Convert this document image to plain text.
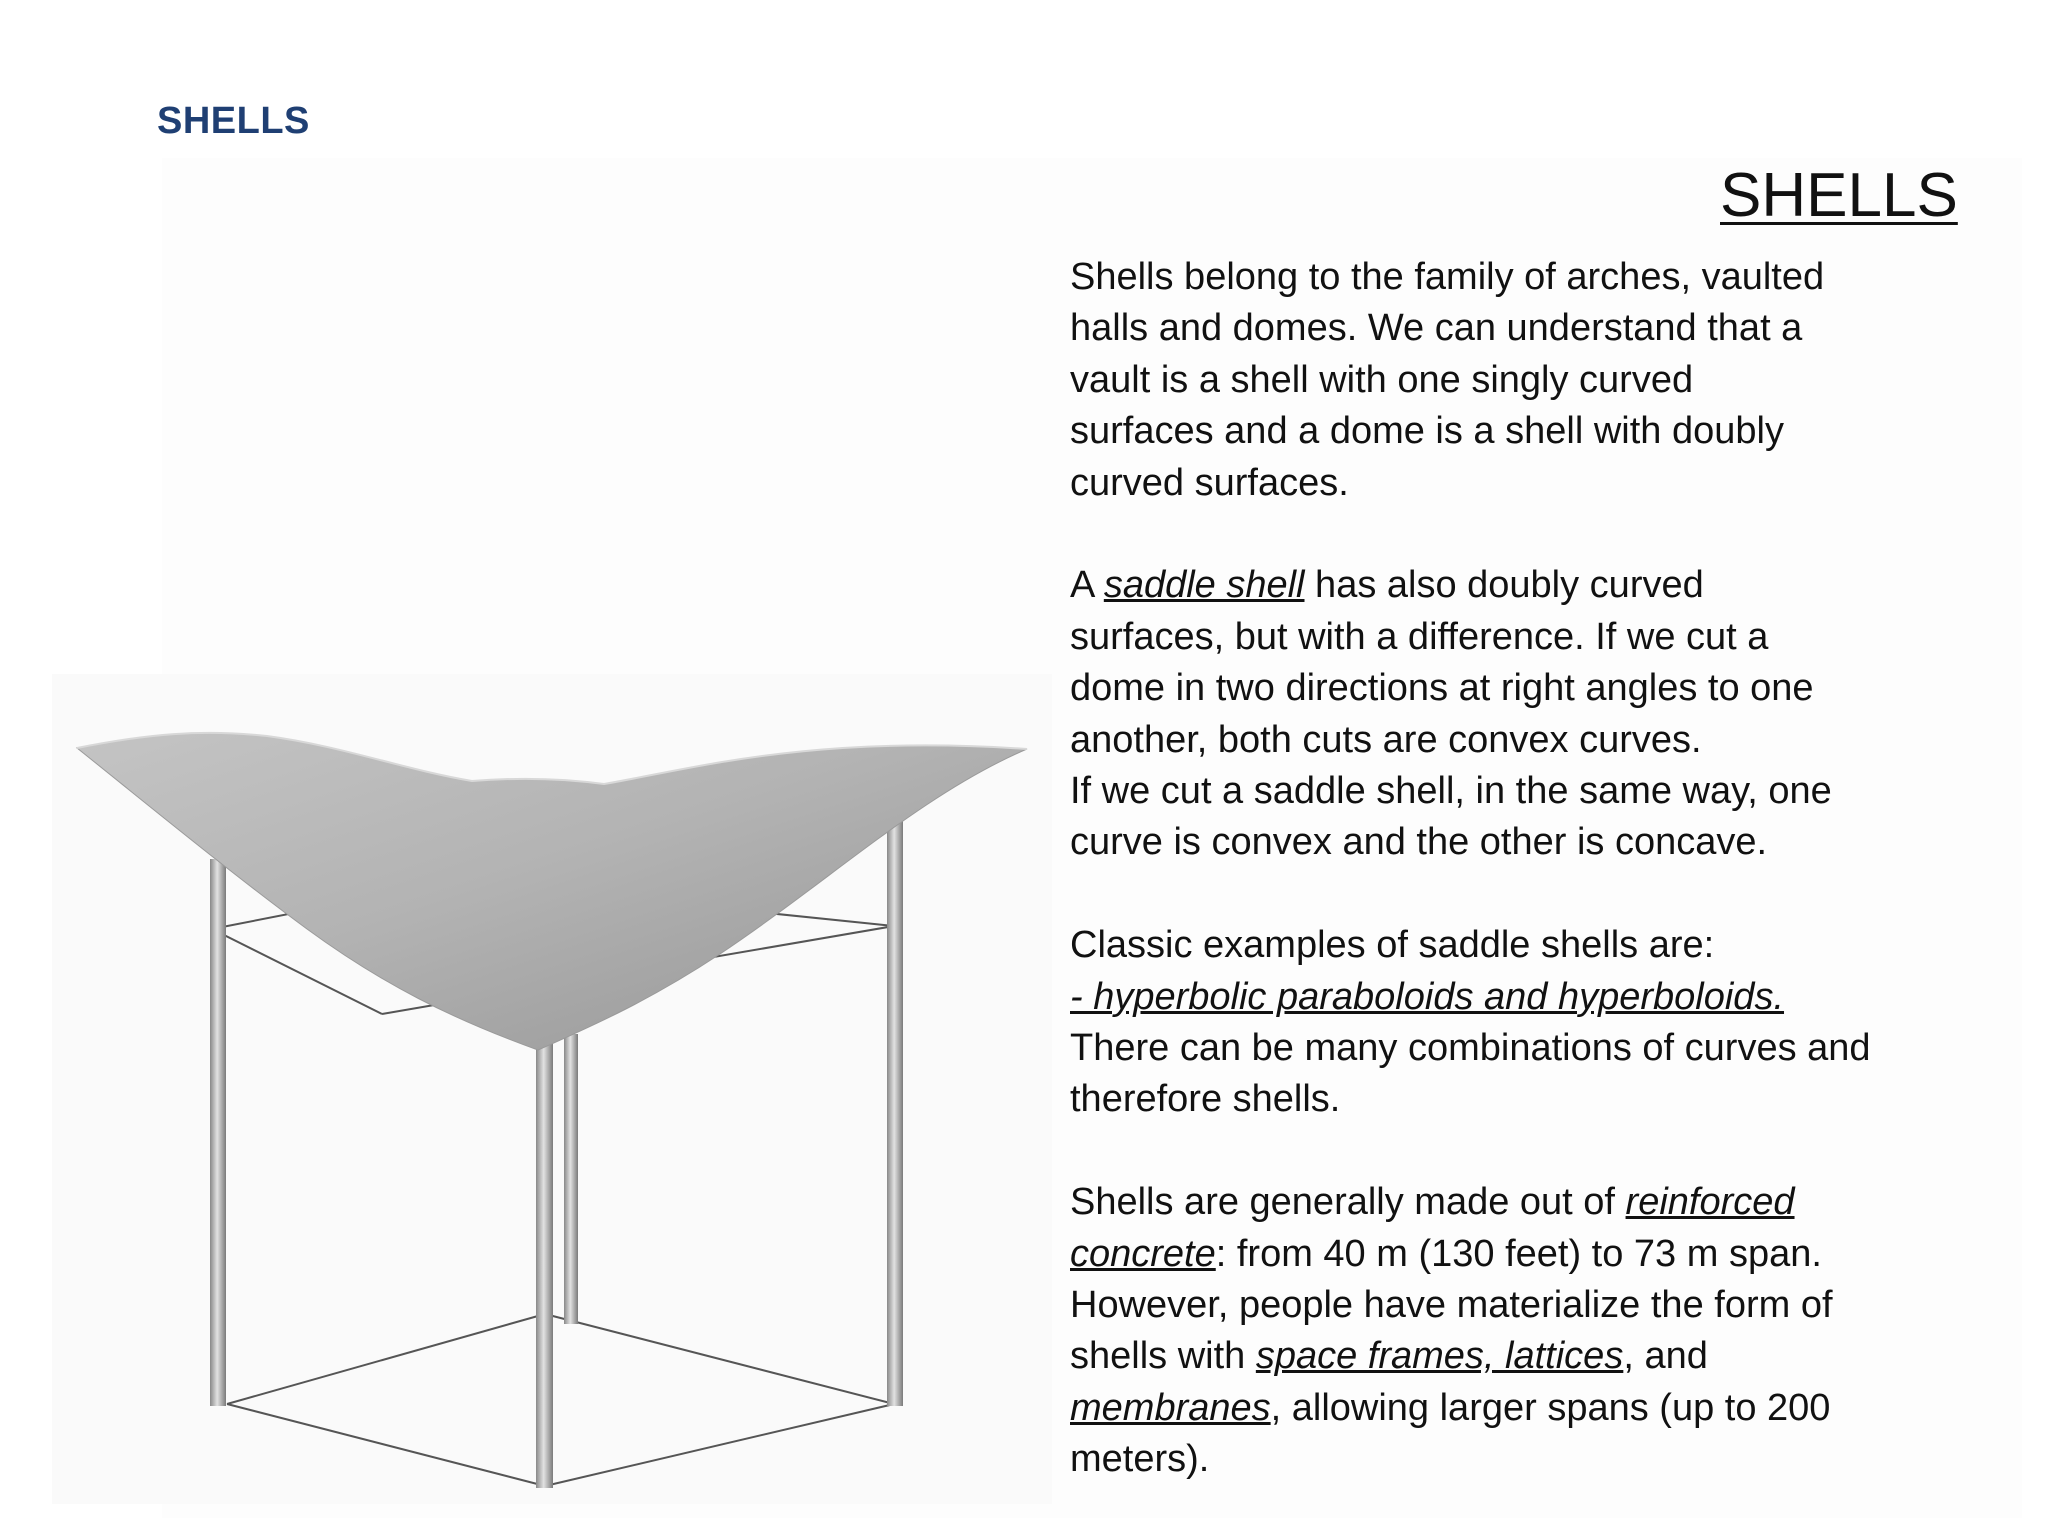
SHELLS
SHELLS
Shells belong to the family of arches, vaulted
halls and domes. We can understand that a
vault is a shell with one singly curved
surfaces and a dome is a shell with doubly
curved surfaces.
A saddle shell has also doubly curved
surfaces, but with a difference. If we cut a
dome in two directions at right angles to one
another, both cuts are convex curves.
If we cut a saddle shell, in the same way, one
curve is convex and the other is concave.
Classic examples of saddle shells are:
- hyperbolic paraboloids and hyperboloids.
There can be many combinations of curves and
therefore shells.
Shells are generally made out of reinforced
concrete: from 40 m (130 feet) to 73 m span.
However, people have materialize the form of
shells with space frames, lattices, and
membranes, allowing larger spans (up to 200
meters).
